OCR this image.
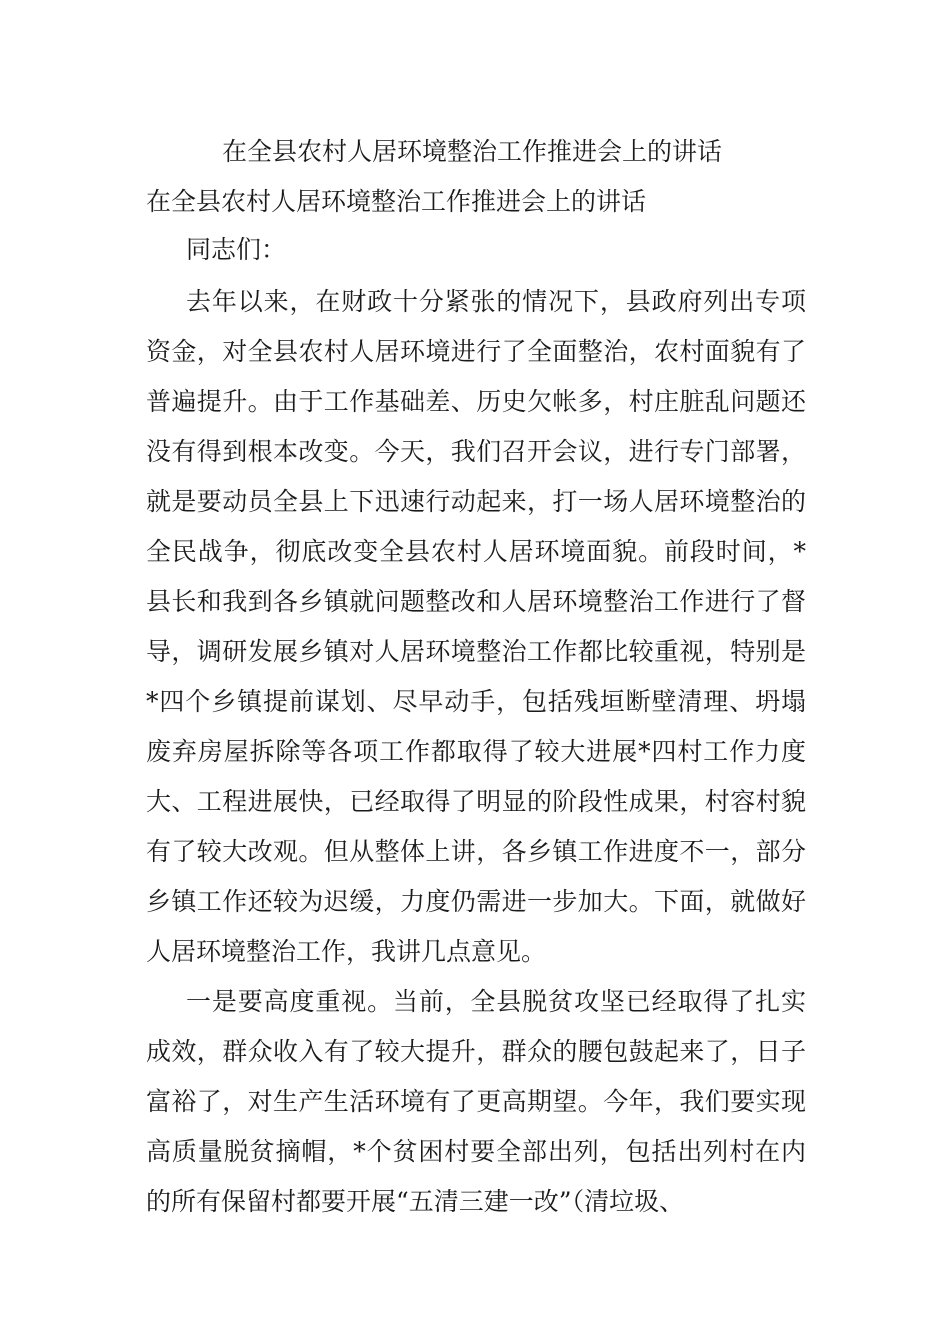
在全县农村人居环境整治工作推进会上的讲话
在全县农村人居环境整治工作推进会上的讲话

同志们：

去年以来，在财政十分紧张的情况下，县政府列出专项资金，对全县农村人居环境进行了全面整治，农村面貌有了普遍提升。由于工作基础差、历史欠帐多，村庄脏乱问题还没有得到根本改变。今天，我们召开会议，进行专门部署，就是要动员全县上下迅速行动起来，打一场人居环境整治的全民战争，彻底改变全县农村人居环境面貌。前段时间，*县长和我到各乡镇就问题整改和人居环境整治工作进行了督导，调研发展乡镇对人居环境整治工作都比较重视，特别是*四个乡镇提前谋划、尽早动手，包括残垣断壁清理、坍塌废弃房屋拆除等各项工作都取得了较大进展*四村工作力度大、工程进展快，已经取得了明显的阶段性成果，村容村貌有了较大改观。但从整体上讲，各乡镇工作进度不一，部分乡镇工作还较为迟缓，力度仍需进一步加大。下面，就做好人居环境整治工作，我讲几点意见。

一是要高度重视。当前，全县脱贫攻坚已经取得了扎实成效，群众收入有了较大提升，群众的腰包鼓起来了，日子富裕了，对生产生活环境有了更高期望。今年，我们要实现高质量脱贫摘帽，*个贫困村要全部出列，包括出列村在内的所有保留村都要开展“五清三建一改”（清垃圾、
